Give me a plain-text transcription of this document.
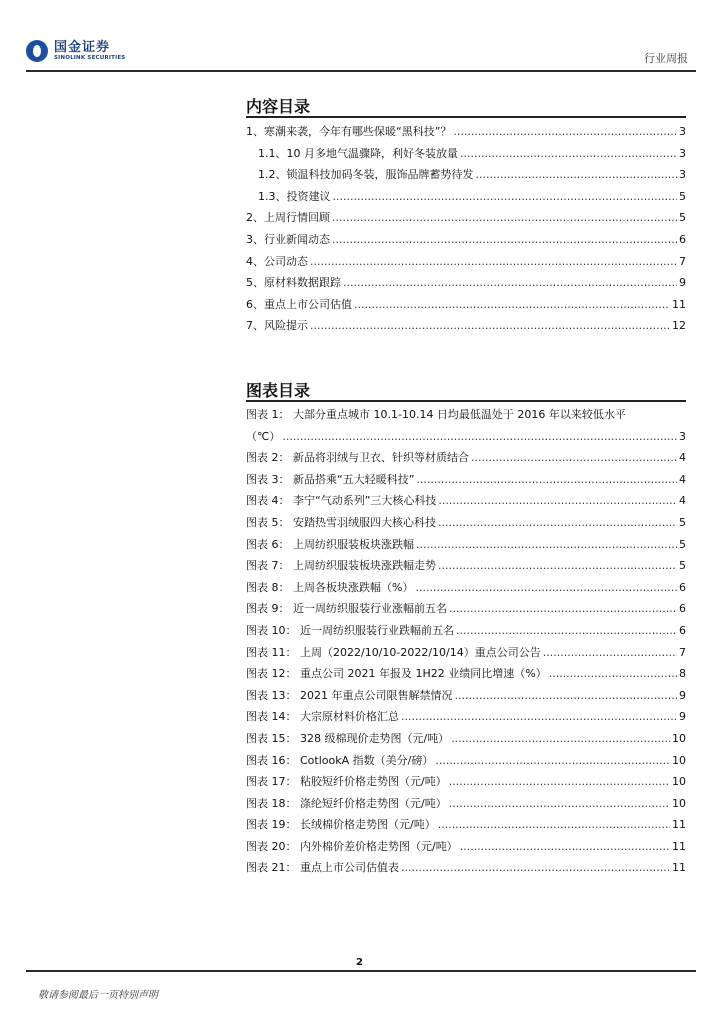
国金证券
SINOLINK SECURITIES	行业周报
内容目录
1、寒潮来袭，今年有哪些保暖“黑科技”？ .....	3
1.1、10 月多地气温骤降，利好冬装放量 .....	3
1.2、锁温科技加码冬装，服饰品牌蓄势待发 .....	3
1.3、投资建议 .....	5
2、上周行情回顾 .....	5
3、行业新闻动态 .....	6
4、公司动态 .....	7
5、原材料数据跟踪 .....	9
6、重点上市公司估值 .....	11
7、风险提示 .....	12
图表目录
图表 1： 大部分重点城市 10.1-10.14 日均最低温处于 2016 年以来较低水平
（℃） .....	3
图表 2： 新品将羽绒与卫衣、针织等材质结合 .....	4
图表 3： 新品搭乘“五大轻暖科技” .....	4
图表 4： 李宁“气动系列”三大核心科技 .....	4
图表 5： 安踏热雪羽绒服四大核心科技 .....	5
图表 6： 上周纺织服装板块涨跌幅 .....	5
图表 7： 上周纺织服装板块涨跌幅走势 .....	5
图表 8： 上周各板块涨跌幅（%） .....	6
图表 9： 近一周纺织服装行业涨幅前五名 .....	6
图表 10： 近一周纺织服装行业跌幅前五名 .....	6
图表 11： 上周（2022/10/10-2022/10/14）重点公司公告 .....	7
图表 12： 重点公司 2021 年报及 1H22 业绩同比增速（%） .....	8
图表 13： 2021 年重点公司限售解禁情况 .....	9
图表 14： 大宗原材料价格汇总 .....	9
图表 15： 328 级棉现价走势图（元/吨） .....	10
图表 16： CotlookA 指数（美分/磅） .....	10
图表 17： 粘胶短纤价格走势图（元/吨） .....	10
图表 18： 涤纶短纤价格走势图（元/吨） .....	10
图表 19： 长绒棉价格走势图（元/吨） .....	11
图表 20： 内外棉价差价格走势图（元/吨） .....	11
图表 21： 重点上市公司估值表 .....	11
2
敬请参阅最后一页特别声明
